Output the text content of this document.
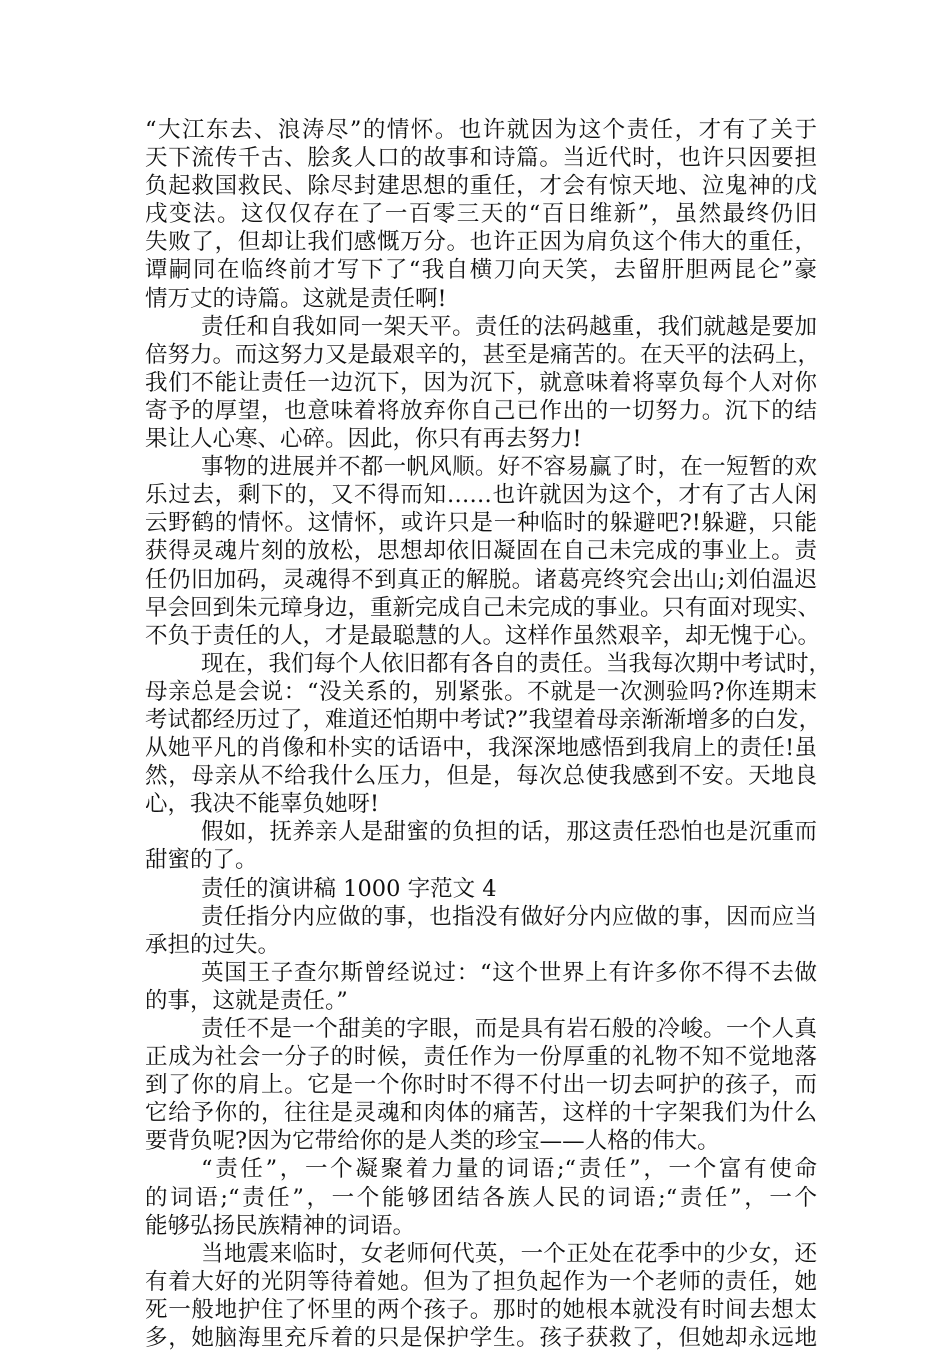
“大江东去、浪涛尽”的情怀。也许就因为这个责任，才有了关于
天下流传千古、脍炙人口的故事和诗篇。当近代时，也许只因要担
负起救国救民、除尽封建思想的重任，才会有惊天地、泣鬼神的戊
戌变法。这仅仅存在了一百零三天的“百日维新”，虽然最终仍旧
失败了，但却让我们感慨万分。也许正因为肩负这个伟大的重任，
谭嗣同在临终前才写下了“我自横刀向天笑，去留肝胆两昆仑”豪
情万丈的诗篇。这就是责任啊!
责任和自我如同一架天平。责任的法码越重，我们就越是要加
倍努力。而这努力又是最艰辛的，甚至是痛苦的。在天平的法码上，
我们不能让责任一边沉下，因为沉下，就意味着将辜负每个人对你
寄予的厚望，也意味着将放弃你自己已作出的一切努力。沉下的结
果让人心寒、心碎。因此，你只有再去努力!
事物的进展并不都一帆风顺。好不容易赢了时，在一短暂的欢
乐过去，剩下的，又不得而知……也许就因为这个，才有了古人闲
云野鹤的情怀。这情怀，或许只是一种临时的躲避吧?!躲避，只能
获得灵魂片刻的放松，思想却依旧凝固在自己未完成的事业上。责
任仍旧加码，灵魂得不到真正的解脱。诸葛亮终究会出山;刘伯温迟
早会回到朱元璋身边，重新完成自己未完成的事业。只有面对现实、
不负于责任的人，才是最聪慧的人。这样作虽然艰辛，却无愧于心。
现在，我们每个人依旧都有各自的责任。当我每次期中考试时，
母亲总是会说：“没关系的，别紧张。不就是一次测验吗?你连期末
考试都经历过了，难道还怕期中考试?”我望着母亲渐渐增多的白发，
从她平凡的肖像和朴实的话语中，我深深地感悟到我肩上的责任!虽
然，母亲从不给我什么压力，但是，每次总使我感到不安。天地良
心，我决不能辜负她呀!
假如，抚养亲人是甜蜜的负担的话，那这责任恐怕也是沉重而
甜蜜的了。
责任的演讲稿 1000 字范文 4
责任指分内应做的事，也指没有做好分内应做的事，因而应当
承担的过失。
英国王子查尔斯曾经说过：“这个世界上有许多你不得不去做
的事，这就是责任。”
责任不是一个甜美的字眼，而是具有岩石般的冷峻。一个人真
正成为社会一分子的时候，责任作为一份厚重的礼物不知不觉地落
到了你的肩上。它是一个你时时不得不付出一切去呵护的孩子，而
它给予你的，往往是灵魂和肉体的痛苦，这样的十字架我们为什么
要背负呢?因为它带给你的是人类的珍宝——人格的伟大。
“责任”，一个凝聚着力量的词语;“责任”，一个富有使命
的词语;“责任”，一个能够团结各族人民的词语;“责任”，一个
能够弘扬民族精神的词语。
当地震来临时，女老师何代英，一个正处在花季中的少女，还
有着大好的光阴等待着她。但为了担负起作为一个老师的责任，她
死一般地护住了怀里的两个孩子。那时的她根本就没有时间去想太
多，她脑海里充斥着的只是保护学生。孩子获救了，但她却永远地
